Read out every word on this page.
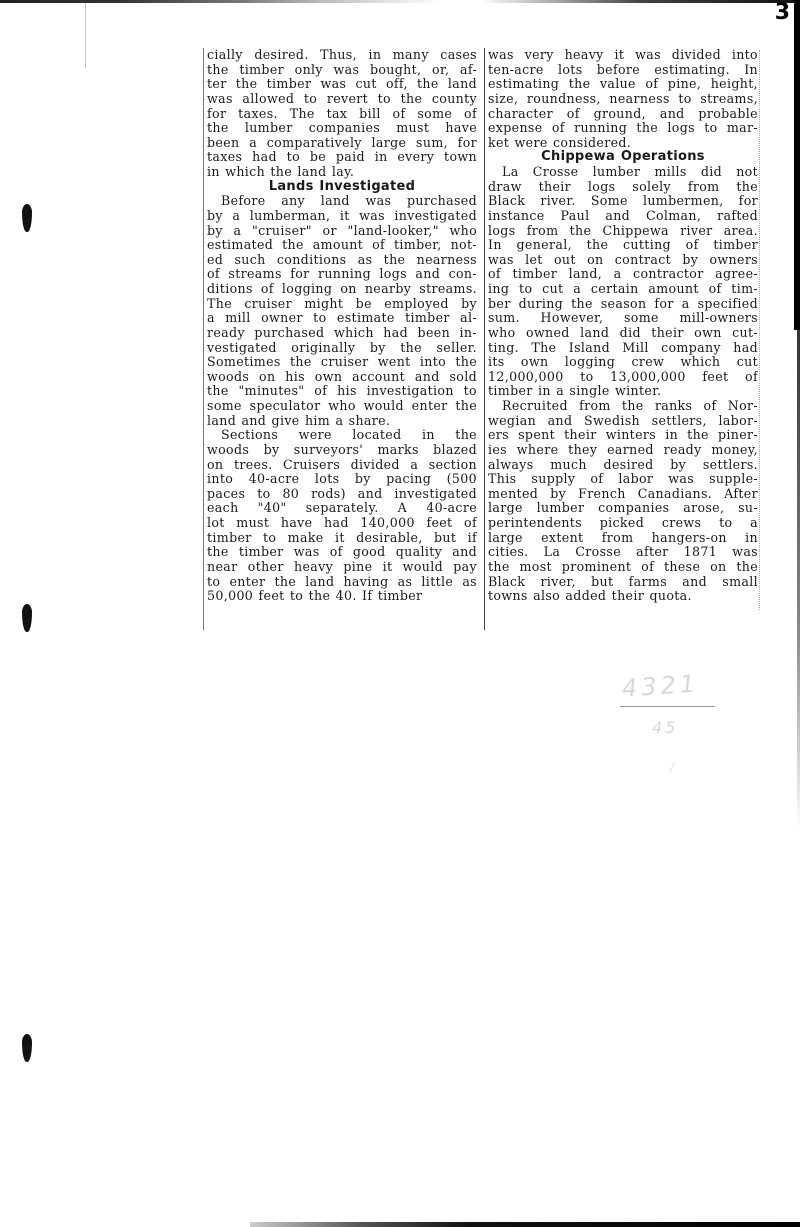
3
cially desired. Thus, in many cases
the timber only was bought, or, af-
ter the timber was cut off, the land
was allowed to revert to the county
for taxes. The tax bill of some of
the lumber companies must have
been a comparatively large sum, for
taxes had to be paid in every town
in which the land lay.
Lands Investigated
Before any land was purchased
by a lumberman, it was investigated
by a "cruiser" or "land-looker," who
estimated the amount of timber, not-
ed such conditions as the nearness
of streams for running logs and con-
ditions of logging on nearby streams.
The cruiser might be employed by
a mill owner to estimate timber al-
ready purchased which had been in-
vestigated originally by the seller.
Sometimes the cruiser went into the
woods on his own account and sold
the "minutes" of his investigation to
some speculator who would enter the
land and give him a share.
Sections were located in the
woods by surveyors' marks blazed
on trees. Cruisers divided a section
into 40-acre lots by pacing (500
paces to 80 rods) and investigated
each "40" separately. A 40-acre
lot must have had 140,000 feet of
timber to make it desirable, but if
the timber was of good quality and
near other heavy pine it would pay
to enter the land having as little as
50,000 feet to the 40. If timber
was very heavy it was divided into
ten-acre lots before estimating. In
estimating the value of pine, height,
size, roundness, nearness to streams,
character of ground, and probable
expense of running the logs to mar-
ket were considered.
Chippewa Operations
La Crosse lumber mills did not
draw their logs solely from the
Black river. Some lumbermen, for
instance Paul and Colman, rafted
logs from the Chippewa river area.
In general, the cutting of timber
was let out on contract by owners
of timber land, a contractor agree-
ing to cut a certain amount of tim-
ber during the season for a specified
sum. However, some mill-owners
who owned land did their own cut-
ting. The Island Mill company had
its own logging crew which cut
12,000,000 to 13,000,000 feet of
timber in a single winter.
Recruited from the ranks of Nor-
wegian and Swedish settlers, labor-
ers spent their winters in the piner-
ies where they earned ready money,
always much desired by settlers.
This supply of labor was supple-
mented by French Canadians. After
large lumber companies arose, su-
perintendents picked crews to a
large extent from hangers-on in
cities. La Crosse after 1871 was
the most prominent of these on the
Black river, but farms and small
towns also added their quota.
4321
45
/
